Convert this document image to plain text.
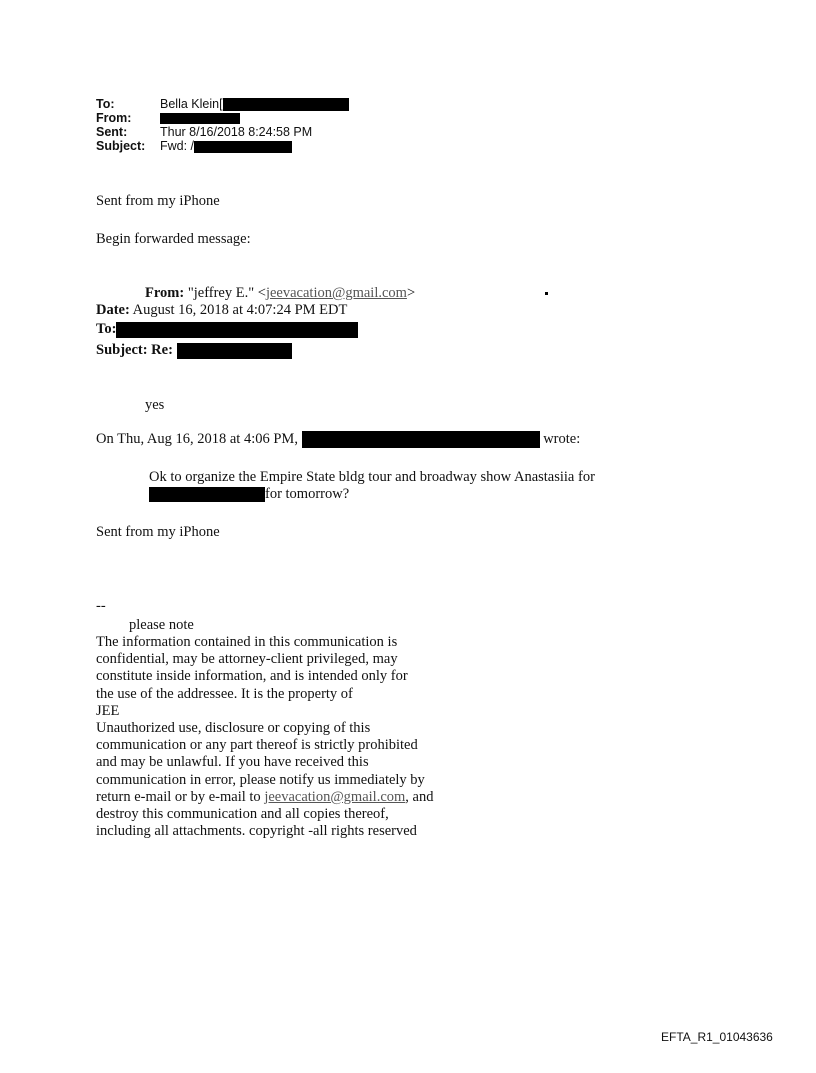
To:	Bella Klein[
From:
Sent:	Thur 8/16/2018 8:24:58 PM
Subject: Fwd: /
Sent from my iPhone
Begin forwarded message:
From: "jeffrey E." <jeevacation@gmail.com>
Date: August 16, 2018 at 4:07:24 PM EDT
To:
Subject: Re:
yes
On Thu, Aug 16, 2018 at 4:06 PM,	wrote:
Ok to organize the Empire State bldg tour and broadway show Anastasiia for
for tomorrow?
Sent from my iPhone
--
please note
The information contained in this communication is
confidential, may be attorney-client privileged, may
constitute inside information, and is intended only for
the use of the addressee. It is the property of
JEE
Unauthorized use, disclosure or copying of this
communication or any part thereof is strictly prohibited
and may be unlawful. If you have received this
communication in error, please notify us immediately by
return e-mail or by e-mail to jeevacation@gmail.com, and
destroy this communication and all copies thereof,
including all attachments. copyright -all rights reserved
EFTA_R1_01043636
